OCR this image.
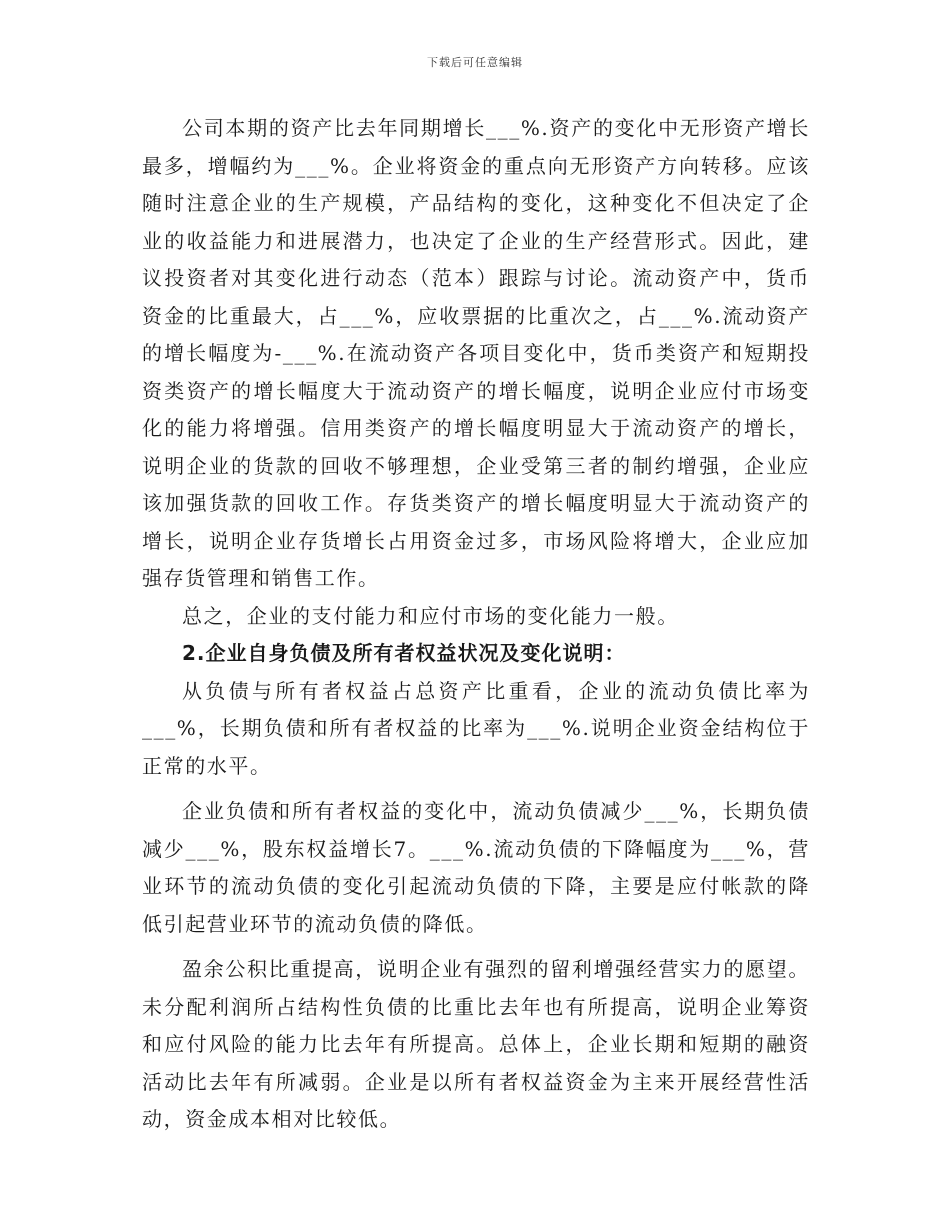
下载后可任意编辑

公司本期的资产比去年同期增长___%.资产的变化中无形资产增长最多，增幅约为___%。企业将资金的重点向无形资产方向转移。应该随时注意企业的生产规模，产品结构的变化，这种变化不但决定了企业的收益能力和进展潜力，也决定了企业的生产经营形式。因此，建议投资者对其变化进行动态（范本）跟踪与讨论。流动资产中，货币资金的比重最大，占___%，应收票据的比重次之，占___%.流动资产的增长幅度为-___%.在流动资产各项目变化中，货币类资产和短期投资类资产的增长幅度大于流动资产的增长幅度，说明企业应付市场变化的能力将增强。信用类资产的增长幅度明显大于流动资产的增长，说明企业的货款的回收不够理想，企业受第三者的制约增强，企业应该加强货款的回收工作。存货类资产的增长幅度明显大于流动资产的增长，说明企业存货增长占用资金过多，市场风险将增大，企业应加强存货管理和销售工作。

总之，企业的支付能力和应付市场的变化能力一般。

2.企业自身负债及所有者权益状况及变化说明：

从负债与所有者权益占总资产比重看，企业的流动负债比率为___%，长期负债和所有者权益的比率为___%.说明企业资金结构位于正常的水平。

企业负债和所有者权益的变化中，流动负债减少___%，长期负债减少___%，股东权益增长7。___%.流动负债的下降幅度为___%，营业环节的流动负债的变化引起流动负债的下降，主要是应付帐款的降低引起营业环节的流动负债的降低。

盈余公积比重提高，说明企业有强烈的留利增强经营实力的愿望。未分配利润所占结构性负债的比重比去年也有所提高，说明企业筹资和应付风险的能力比去年有所提高。总体上，企业长期和短期的融资活动比去年有所减弱。企业是以所有者权益资金为主来开展经营性活动，资金成本相对比较低。
